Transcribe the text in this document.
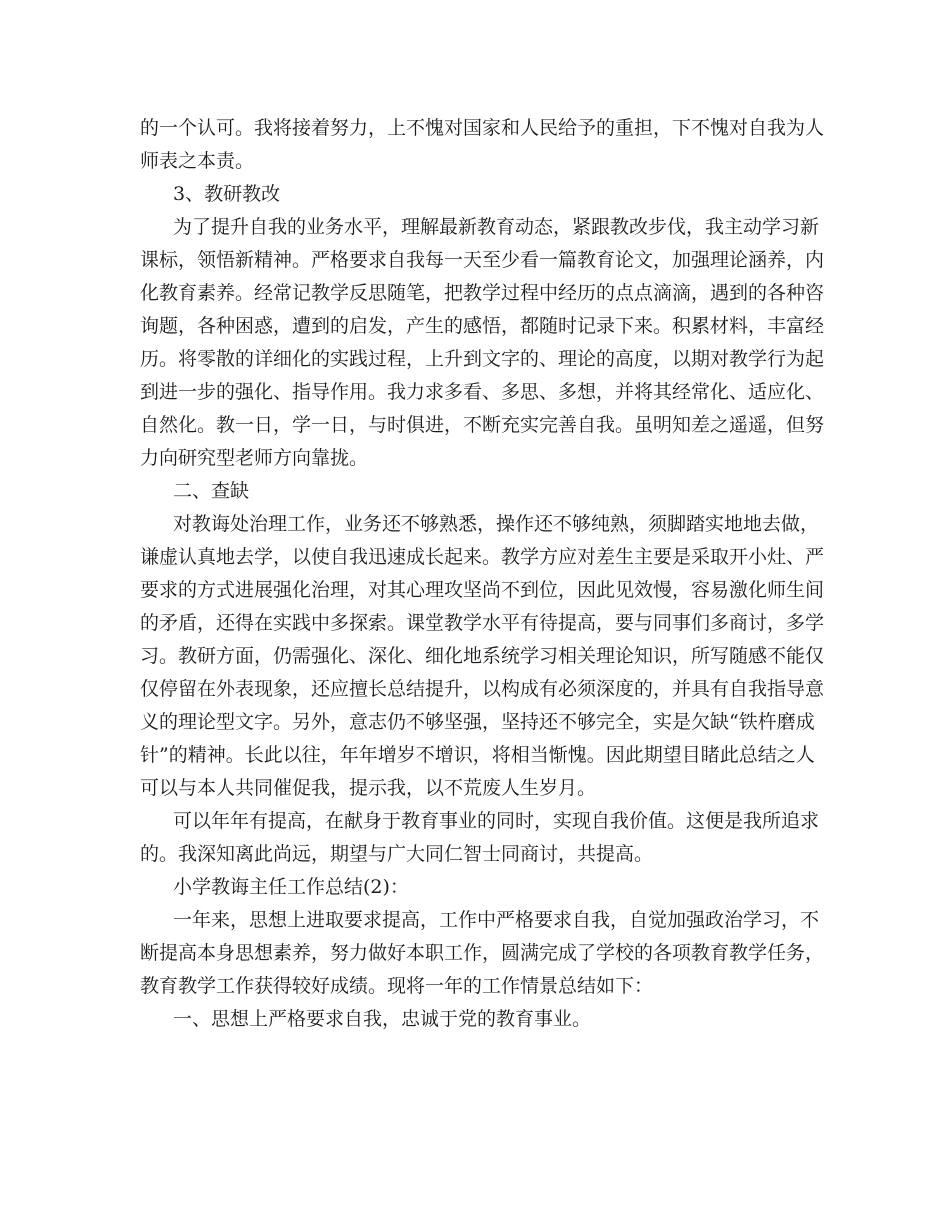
的一个认可。我将接着努力，上不愧对国家和人民给予的重担，下不愧对自我为人
师表之本责。
3、教研教改
为了提升自我的业务水平，理解最新教育动态，紧跟教改步伐，我主动学习新
课标，领悟新精神。严格要求自我每一天至少看一篇教育论文，加强理论涵养，内
化教育素养。经常记教学反思随笔，把教学过程中经历的点点滴滴，遇到的各种咨
询题，各种困惑，遭到的启发，产生的感悟，都随时记录下来。积累材料，丰富经
历。将零散的详细化的实践过程，上升到文字的、理论的高度，以期对教学行为起
到进一步的强化、指导作用。我力求多看、多思、多想，并将其经常化、适应化、
自然化。教一日，学一日，与时俱进，不断充实完善自我。虽明知差之遥遥，但努
力向研究型老师方向靠拢。
二、查缺
对教诲处治理工作，业务还不够熟悉，操作还不够纯熟，须脚踏实地地去做，
谦虚认真地去学，以使自我迅速成长起来。教学方应对差生主要是采取开小灶、严
要求的方式进展强化治理，对其心理攻坚尚不到位，因此见效慢，容易激化师生间
的矛盾，还得在实践中多探索。课堂教学水平有待提高，要与同事们多商讨，多学
习。教研方面，仍需强化、深化、细化地系统学习相关理论知识，所写随感不能仅
仅停留在外表现象，还应擅长总结提升，以构成有必须深度的，并具有自我指导意
义的理论型文字。另外，意志仍不够坚强，坚持还不够完全，实是欠缺“铁杵磨成
针”的精神。长此以往，年年增岁不增识，将相当惭愧。因此期望目睹此总结之人
可以与本人共同催促我，提示我，以不荒废人生岁月。
可以年年有提高，在献身于教育事业的同时，实现自我价值。这便是我所追求
的。我深知离此尚远，期望与广大同仁智士同商讨，共提高。
小学教诲主任工作总结(2)：
一年来，思想上进取要求提高，工作中严格要求自我，自觉加强政治学习，不
断提高本身思想素养，努力做好本职工作，圆满完成了学校的各项教育教学任务，
教育教学工作获得较好成绩。现将一年的工作情景总结如下：
一、思想上严格要求自我，忠诚于党的教育事业。
